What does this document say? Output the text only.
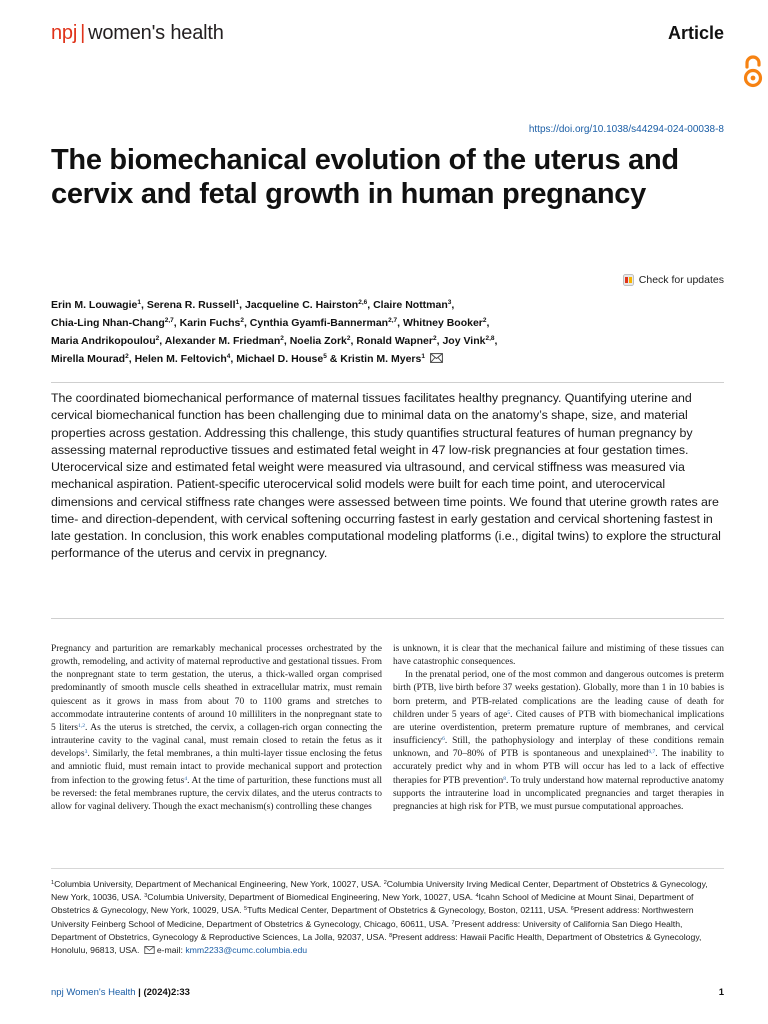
npj | women's health	Article
https://doi.org/10.1038/s44294-024-00038-8
The biomechanical evolution of the uterus and cervix and fetal growth in human pregnancy
Check for updates
Erin M. Louwagie$^1$, Serena R. Russell$^1$, Jacqueline C. Hairston$^{2,6}$, Claire Nottman$^3$,
Chia-Ling Nhan-Chang$^{2,7}$, Karin Fuchs$^2$, Cynthia Gyamfi-Bannerman$^{2,7}$, Whitney Booker$^2$,
Maria Andrikopoulou$^2$, Alexander M. Friedman$^2$, Noelia Zork$^2$, Ronald Wapner$^2$, Joy Vink$^{2,8}$,
Mirella Mourad$^2$, Helen M. Feltovich$^4$, Michael D. House$^5$ & Kristin M. Myers$^1$

The coordinated biomechanical performance of maternal tissues facilitates healthy pregnancy. Quantifying uterine and cervical biomechanical function has been challenging due to minimal data on the anatomy’s shape, size, and material properties across gestation. Addressing this challenge, this study quantifies structural features of human pregnancy by assessing maternal reproductive tissues and estimated fetal weight in 47 low-risk pregnancies at four gestation times. Uterocervical size and estimated fetal weight were measured via ultrasound, and cervical stiffness was measured via mechanical aspiration. Patient-specific uterocervical solid models were built for each time point, and uterocervical dimensions and cervical stiffness rate changes were assessed between time points. We found that uterine growth rates are time- and direction-dependent, with cervical softening occurring fastest in early gestation and cervical shortening fastest in late gestation. In conclusion, this work enables computational modeling platforms (i.e., digital twins) to explore the structural performance of the uterus and cervix in pregnancy.

Pregnancy and parturition are remarkably mechanical processes orchestrated by the growth, remodeling, and activity of maternal reproductive and gestational tissues. From the nonpregnant state to term gestation, the uterus, a thick-walled organ comprised predominantly of smooth muscle cells sheathed in extracellular matrix, must remain quiescent as it grows in mass from about 70 to 1100 grams and stretches to accommodate intrauterine contents of around 10 milliliters in the nonpregnant state to 5 liters$^{1,2}$. As the uterus is stretched, the cervix, a collagen-rich organ connecting the intrauterine cavity to the vaginal canal, must remain closed to retain the fetus as it develops$^3$. Similarly, the fetal membranes, a thin multi-layer tissue enclosing the fetus and amniotic fluid, must remain intact to provide mechanical support and protection from infection to the growing fetus$^4$. At the time of parturition, these functions must all be reversed: the fetal membranes rupture, the cervix dilates, and the uterus contracts to allow for vaginal delivery. Though the exact mechanism(s) controlling these changes

is unknown, it is clear that the mechanical failure and mistiming of these tissues can have catastrophic consequences.

In the prenatal period, one of the most common and dangerous outcomes is preterm birth (PTB, live birth before 37 weeks gestation). Globally, more than 1 in 10 babies is born preterm, and PTB-related complications are the leading cause of death for children under 5 years of age$^5$. Cited causes of PTB with biomechanical implications are uterine overdistention, preterm premature rupture of membranes, and cervical insufficiency$^6$. Still, the pathophysiology and interplay of these conditions remain unknown, and 70–80% of PTB is spontaneous and unexplained$^{6,7}$. The inability to accurately predict why and in whom PTB will occur has led to a lack of effective therapies for PTB prevention$^8$. To truly understand how maternal reproductive anatomy supports the intrauterine load in uncomplicated pregnancies and target therapies in pregnancies at high risk for PTB, we must pursue computational approaches.

$^1$Columbia University, Department of Mechanical Engineering, New York, 10027, USA. $^2$Columbia University Irving Medical Center, Department of Obstetrics & Gynecology, New York, 10036, USA. $^3$Columbia University, Department of Biomedical Engineering, New York, 10027, USA. $^4$Icahn School of Medicine at Mount Sinai, Department of Obstetrics & Gynecology, New York, 10029, USA. $^5$Tufts Medical Center, Department of Obstetrics & Gynecology, Boston, 02111, USA. $^6$Present address: Northwestern University Feinberg School of Medicine, Department of Obstetrics & Gynecology, Chicago, 60611, USA. $^7$Present address: University of California San Diego Health, Department of Obstetrics, Gynecology & Reproductive Sciences, La Jolla, 92037, USA. $^8$Present address: Hawaii Pacific Health, Department of Obstetrics & Gynecology, Honolulu, 96813, USA. e-mail: kmm2233@cumc.columbia.edu
npj Women's Health | (2024)2:33	1
